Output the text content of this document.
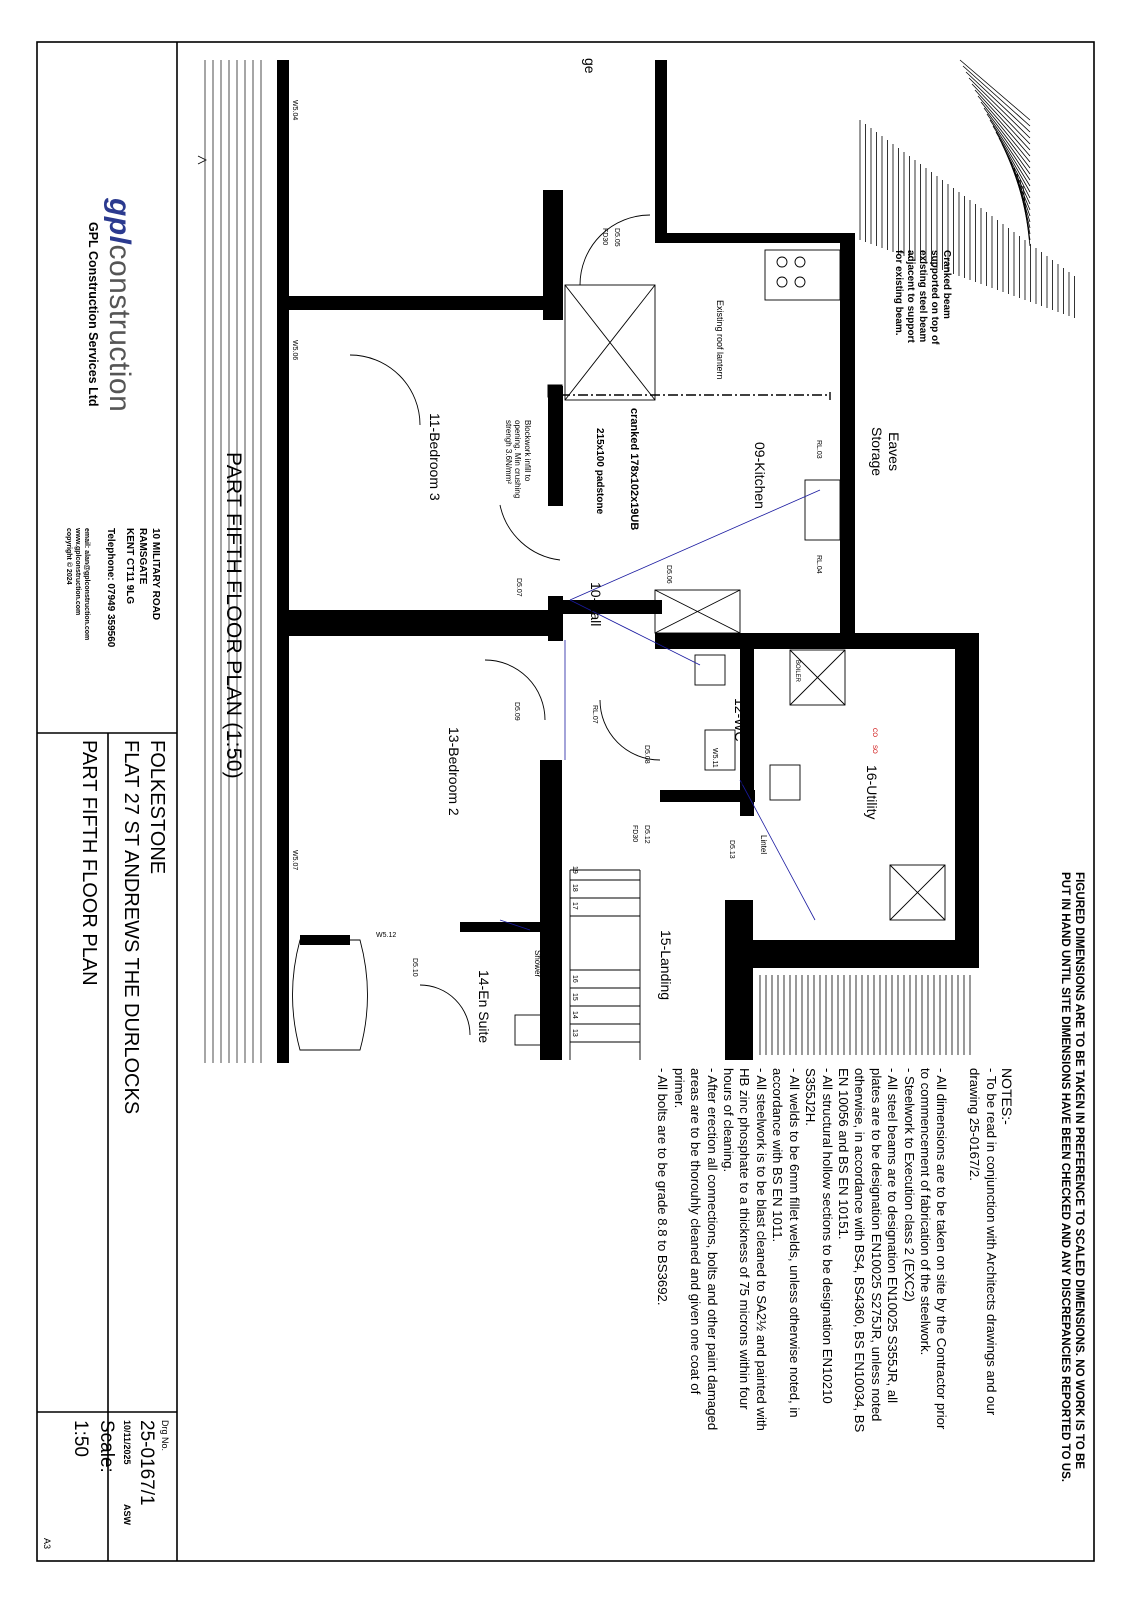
FIGURED DIMENSIONS ARE TO BE TAKEN IN PREFERENCE TO SCALED DIMENSIONS. NO WORK IS TO BE
PUT IN HAND UNTIL SITE DIMENSIONS HAVE BEEN CHECKED AND ANY DISCREPANCIES REPORTED TO US.
NOTES:-
- To be read in conjunction with Architects drawings and our
drawing 25-0167/2.

- All dimensions are to be taken on site by the Contractor prior
to commencement of fabrication of the steelwork.
- Steelwork to Execution class 2 (EXC2)
- All steel beams are to designation EN10025 S355JR, all
plates are to be designation EN10025 S275JR, unless noted
otherwise, in accordance with BS4, BS4360, BS EN10034, BS
EN 10056 and BS EN 10151.
- All structural hollow sections to be designation EN10210
S355J2H.
- All welds to be 6mm fillet welds, unless otherwise noted, in
accordance with BS EN 1011.
- All steelwork is to be blast cleaned to SA2½ and painted with
HB zinc phosphate to a thickness of 75 microns within four
hours of cleaning.
- After erection all connections, bolts and other paint damaged
areas are to be thorouhly cleaned and given one coat of
primer.
- All bolts are to be grade 8.8 to BS3692.
PART FIFTH FLOOR PLAN (1:50)
Eaves
Storage
09-Kitchen
10-Hall
11-Bedroom 3
12-WC
13-Bedroom 2
14-En Suite
15-Landing
16-Utility
ge
Cranked beam
supported on top of
existing steel beam
adjacent to support
for existing beam.
Existing roof lantern
cranked 178x102x19UB
215x100 padstone
Blockwork infill to
opening. Min crushing
strengh 3.6N/mm²
Lintel
Shower
BOILER
CO
SO
W5.04
W5.06
W5.07
W5.11
W5.12
W2
D5.05
FD30
D5.06
D5.07
D5.08
D5.09
D5.10
D5.12
FD30
D5.13
RL.03
RL.04
RL.07
19
18
17
16
15
14
13
gplconstruction
GPL Construction Services Ltd
10 MILITARY ROAD
RAMSGATE
KENT CT11 9LG
Telephone: 07949 359560
email: alan@gplconstruction.com
www.gplconstruction.com
copyright © 2024
FOLKESTONE
FLAT 27 ST ANDREWS THE DURLOCKS
PART FIFTH FLOOR PLAN
Drg No.
25-0167/1
10/11/2025
ASW
Scale:
1:50
A3
